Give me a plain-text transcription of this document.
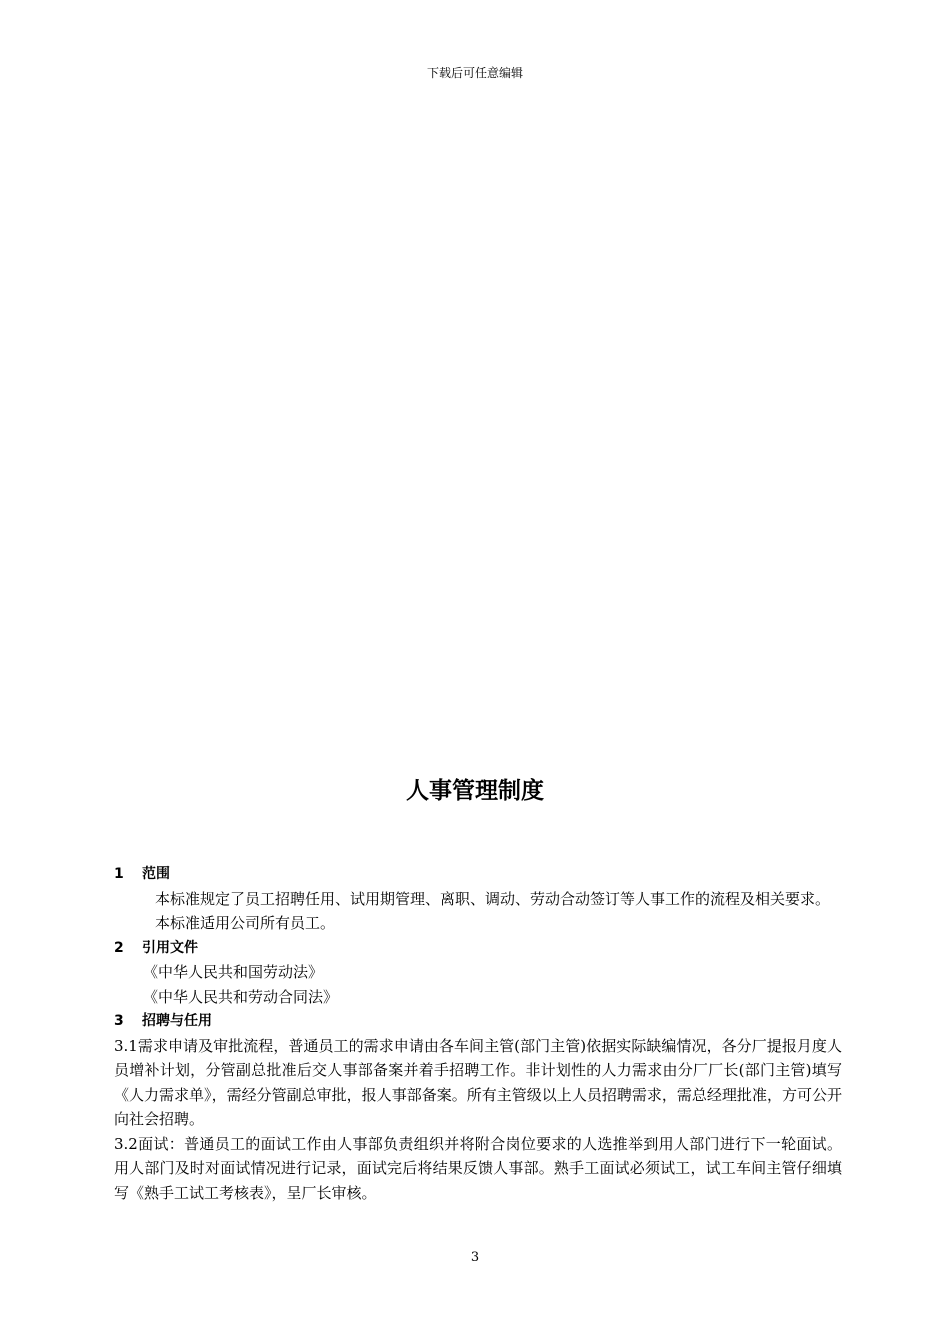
下载后可任意编辑
人事管理制度
1	范围
本标准规定了员工招聘任用、试用期管理、离职、调动、劳动合动签订等人事工作的流程及相关要求。
本标准适用公司所有员工。
2	引用文件
《中华人民共和国劳动法》
《中华人民共和劳动合同法》
3	招聘与任用
3.1需求申请及审批流程，普通员工的需求申请由各车间主管(部门主管)依据实际缺编情况，各分厂提报月度人员增补计划，分管副总批准后交人事部备案并着手招聘工作。非计划性的人力需求由分厂厂长(部门主管)填写《人力需求单》，需经分管副总审批，报人事部备案。所有主管级以上人员招聘需求，需总经理批准，方可公开向社会招聘。
3.2面试：普通员工的面试工作由人事部负责组织并将附合岗位要求的人选推举到用人部门进行下一轮面试。用人部门及时对面试情况进行记录，面试完后将结果反馈人事部。熟手工面试必须试工，试工车间主管仔细填写《熟手工试工考核表》，呈厂长审核。
3
